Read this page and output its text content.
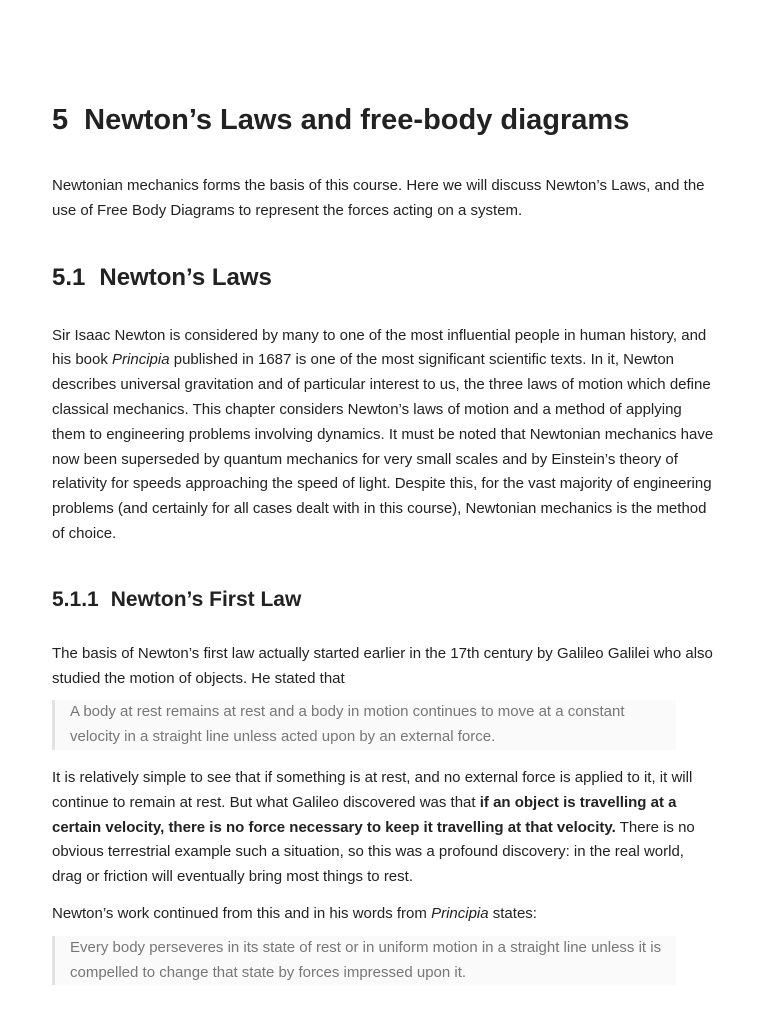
5 Newton’s Laws and free-body diagrams

Newtonian mechanics forms the basis of this course. Here we will discuss Newton’s Laws, and the use of Free Body Diagrams to represent the forces acting on a system.

5.1 Newton’s Laws

Sir Isaac Newton is considered by many to one of the most influential people in human history, and his book Principia published in 1687 is one of the most significant scientific texts. In it, Newton describes universal gravitation and of particular interest to us, the three laws of motion which define classical mechanics. This chapter considers Newton’s laws of motion and a method of applying them to engineering problems involving dynamics. It must be noted that Newtonian mechanics have now been superseded by quantum mechanics for very small scales and by Einstein’s theory of relativity for speeds approaching the speed of light. Despite this, for the vast majority of engineering problems (and certainly for all cases dealt with in this course), Newtonian mechanics is the method of choice.

5.1.1 Newton’s First Law

The basis of Newton’s first law actually started earlier in the 17th century by Galileo Galilei who also studied the motion of objects. He stated that

A body at rest remains at rest and a body in motion continues to move at a constant velocity in a straight line unless acted upon by an external force.

It is relatively simple to see that if something is at rest, and no external force is applied to it, it will continue to remain at rest. But what Galileo discovered was that if an object is travelling at a certain velocity, there is no force necessary to keep it travelling at that velocity. There is no obvious terrestrial example such a situation, so this was a profound discovery: in the real world, drag or friction will eventually bring most things to rest.

Newton’s work continued from this and in his words from Principia states:

Every body perseveres in its state of rest or in uniform motion in a straight line unless it is compelled to change that state by forces impressed upon it.
